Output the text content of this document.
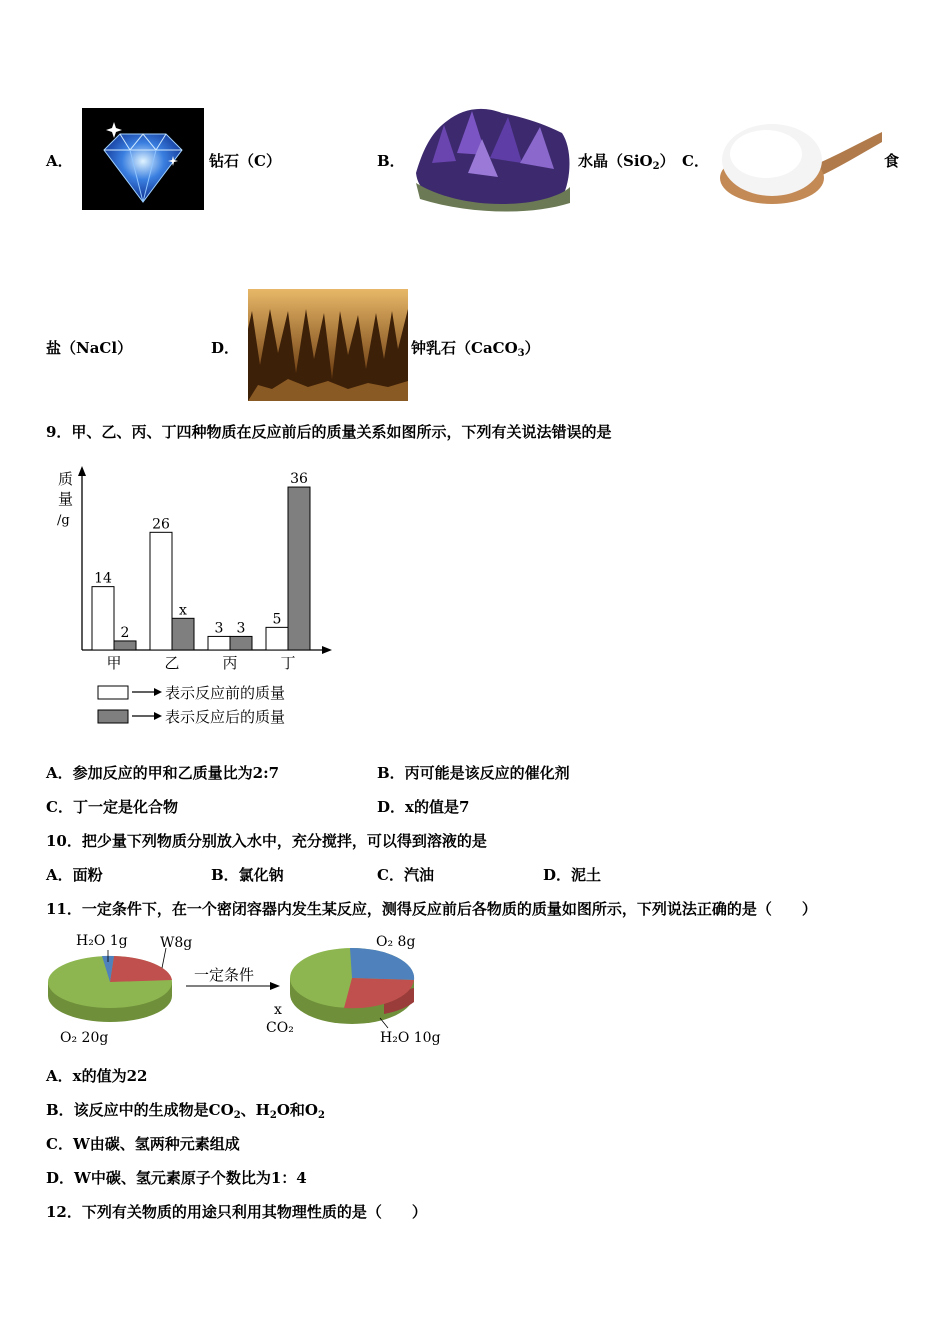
A．	钻石（C）	B．	水晶（SiO$_2$） C．	食
盐（NaCl）	D．	钟乳石（CaCO$_3$）
9．甲、乙、丙、丁四种物质在反应前后的质量关系如图所示，下列有关说法错误的是
质
量
/g
14
2
甲
26
x
乙
3 3
丙
5
36
丁
表示反应前的质量
表示反应后的质量
A．参加反应的甲和乙质量比为2:7	B．丙可能是该反应的催化剂
C．丁一定是化合物	D．x的值是7
10．把少量下列物质分别放入水中，充分搅拌，可以得到溶液的是
A．面粉	B．氯化钠	C．汽油	D．泥土
11．一定条件下，在一个密闭容器内发生某反应，测得反应前后各物质的质量如图所示，下列说法正确的是（　　）
H₂O 1g W8g
O₂ 20g
一定条件
O₂ 8g
x
CO₂
H₂O 10g
A．x的值为22
B．该反应中的生成物是$CO_2$、$H_2O$和$O_2$
C．W由碳、氢两种元素组成
D．W中碳、氢元素原子个数比为1：4
12．下列有关物质的用途只利用其物理性质的是（　　）
